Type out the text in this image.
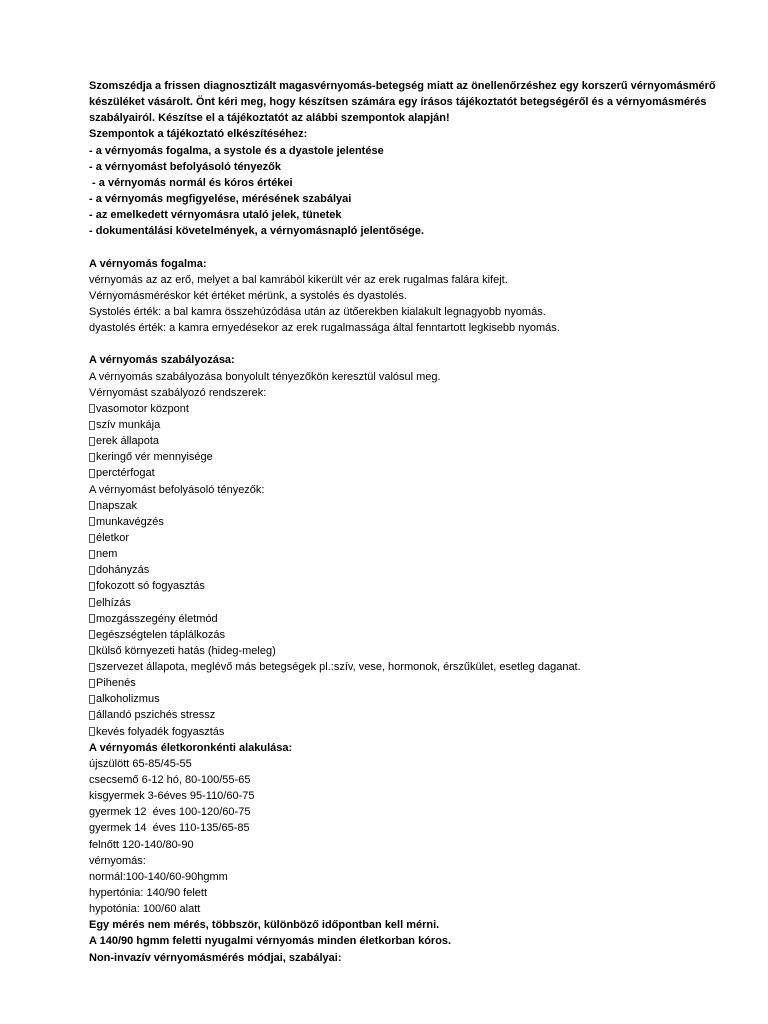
Szomszédja a frissen diagnosztizált magasvérnyomás-betegség miatt az önellenőrzéshez egy korszerű vérnyomásmérő
készüléket vásárolt. Önt kéri meg, hogy készítsen számára egy írásos tájékoztatót betegségéről és a vérnyomásmérés
szabályairól. Készítse el a tájékoztatót az alábbi szempontok alapján!
Szempontok a tájékoztató elkészítéséhez:
- a vérnyomás fogalma, a systole és a dyastole jelentése
- a vérnyomást befolyásoló tényezők
- a vérnyomás normál és kóros értékei
- a vérnyomás megfigyelése, mérésének szabályai
- az emelkedett vérnyomásra utaló jelek, tünetek
- dokumentálási követelmények, a vérnyomásnapló jelentősége.
A vérnyomás fogalma:
vérnyomás az az erő, melyet a bal kamrából kikerült vér az erek rugalmas falára kifejt.
Vérnyomásméréskor két értéket mérünk, a systolés és dyastolés.
Systolés érték: a bal kamra összehúzódása után az ütőerekben kialakult legnagyobb nyomás.
dyastolés érték: a kamra ernyedésekor az erek rugalmassága által fenntartott legkisebb nyomás.
A vérnyomás szabályozása:
A vérnyomás szabályozása bonyolult tényezőkön keresztül valósul meg.
Vérnyomást szabályozó rendszerek:
vasomotor központ
szív munkája
erek állapota
keringő vér mennyisége
perctérfogat
A vérnyomást befolyásoló tényezők:
napszak
munkavégzés
életkor
nem
dohányzás
fokozott só fogyasztás
elhízás
mozgásszegény életmód
egészségtelen táplálkozás
külső környezeti hatás (hideg-meleg)
szervezet állapota, meglévő más betegségek pl.:szív, vese, hormonok, érszűkület, esetleg daganat.
Pihenés
alkoholizmus
állandó pszichés stressz
kevés folyadék fogyasztás
A vérnyomás életkoronkénti alakulása:
újszülött 65-85/45-55
csecsemő 6-12 hó, 80-100/55-65
kisgyermek 3-6éves 95-110/60-75
gyermek 12  éves 100-120/60-75
gyermek 14  éves 110-135/65-85
felnőtt 120-140/80-90
vérnyomás:
normál:100-140/60-90hgmm
hypertónia: 140/90 felett
hypotónia: 100/60 alatt
Egy mérés nem mérés, többször, különböző időpontban kell mérni.
A 140/90 hgmm feletti nyugalmi vérnyomás minden életkorban kóros.
Non-invazív vérnyomásmérés módjai, szabályai:
